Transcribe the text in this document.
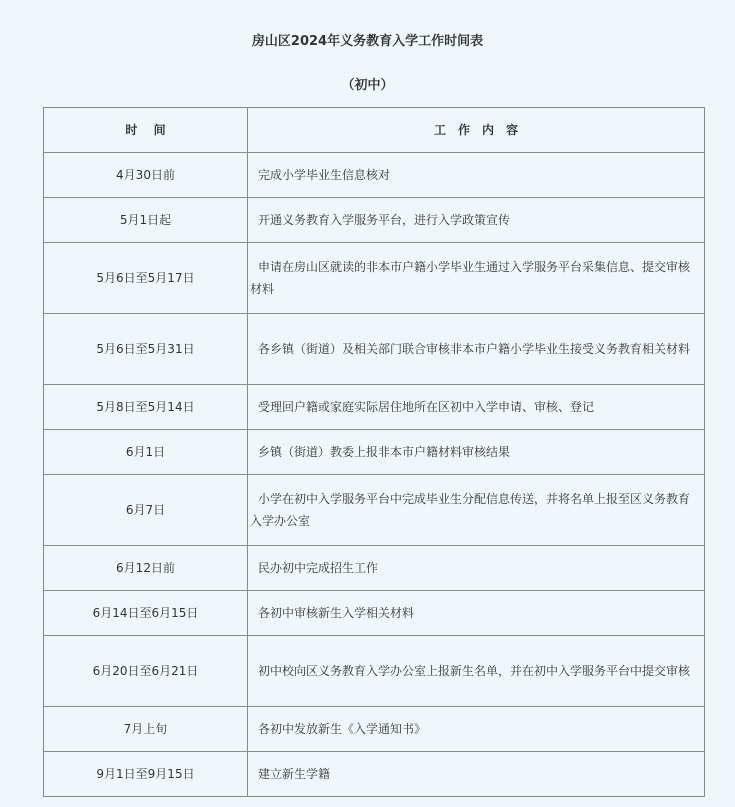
房山区2024年义务教育入学工作时间表
（初中）
时　 间	工　作　内　容
4月30日前	完成小学毕业生信息核对

5月1日起	开通义务教育入学服务平台，进行入学政策宣传

5月6日至5月17日	申请在房山区就读的非本市户籍小学毕业生通过入学服务平台采集信息、提交审核材料

5月6日至5月31日	各乡镇（街道）及相关部门联合审核非本市户籍小学毕业生接受义务教育相关材料

5月8日至5月14日	受理回户籍或家庭实际居住地所在区初中入学申请、审核、登记

6月1日	乡镇（街道）教委上报非本市户籍材料审核结果

6月7日	小学在初中入学服务平台中完成毕业生分配信息传送，并将名单上报至区义务教育入学办公室

6月12日前	民办初中完成招生工作

6月14日至6月15日	各初中审核新生入学相关材料

6月20日至6月21日	初中校向区义务教育入学办公室上报新生名单，并在初中入学服务平台中提交审核

7月上旬	各初中发放新生《入学通知书》

9月1日至9月15日	建立新生学籍
